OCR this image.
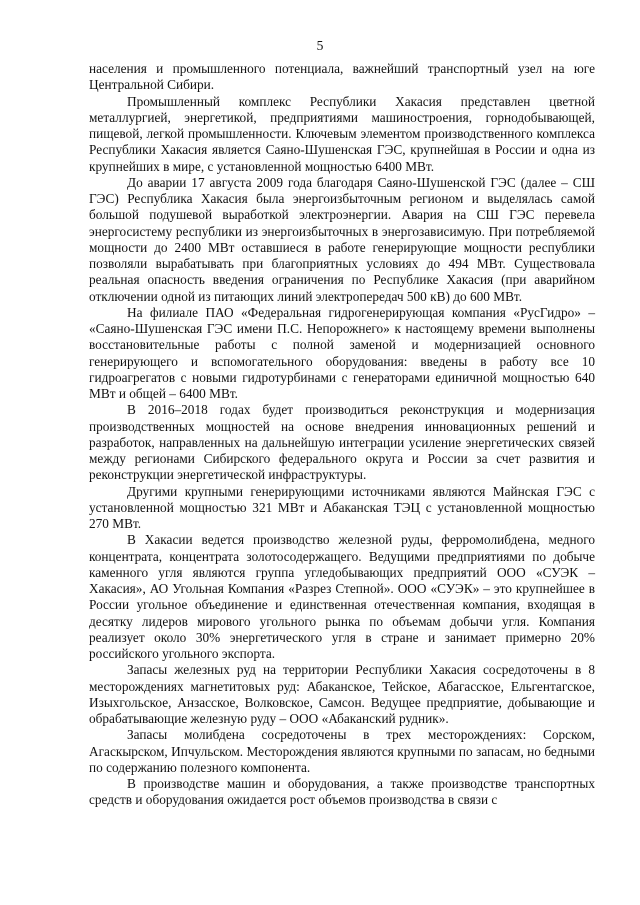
5

населения и промышленного потенциала, важнейший транспортный узел на юге Центральной Сибири.

Промышленный комплекс Республики Хакасия представлен цветной металлургией, энергетикой, предприятиями машиностроения, горнодобывающей, пищевой, легкой промышленности. Ключевым элементом производственного комплекса Республики Хакасия является Саяно-Шушенская ГЭС, крупнейшая в России и одна из крупнейших в мире, с установленной мощностью 6400 МВт.

До аварии 17 августа 2009 года благодаря Саяно-Шушенской ГЭС (далее – СШ ГЭС) Республика Хакасия была энергоизбыточным регионом и выделялась самой большой подушевой выработкой электроэнергии. Авария на СШ ГЭС перевела энергосистему республики из энергоизбыточных в энергозависимую. При потребляемой мощности до 2400 МВт оставшиеся в работе генерирующие мощности республики позволяли вырабатывать при благоприятных условиях до 494 МВт. Существовала реальная опасность введения ограничения по Республике Хакасия (при аварийном отключении одной из питающих линий электропередач 500 кВ) до 600 МВт.

На филиале ПАО «Федеральная гидрогенерирующая компания «РусГидро» – «Саяно-Шушенская ГЭС имени П.С. Непорожнего» к настоящему времени выполнены восстановительные работы с полной заменой и модернизацией основного генерирующего и вспомогательного оборудования: введены в работу все 10 гидроагрегатов с новыми гидротурбинами с генераторами единичной мощностью 640 МВт и общей – 6400 МВт.

В 2016–2018 годах будет производиться реконструкция и модернизация производственных мощностей на основе внедрения инновационных решений и разработок, направленных на дальнейшую интеграции усиление энергетических связей между регионами Сибирского федерального округа и России за счет развития и реконструкции энергетической инфраструктуры.

Другими крупными генерирующими источниками являются Майнская ГЭС с установленной мощностью 321 МВт и Абаканская ТЭЦ с установленной мощностью 270 МВт.

В Хакасии ведется производство железной руды, ферромолибдена, медного концентрата, концентрата золотосодержащего. Ведущими предприятиями по добыче каменного угля являются группа угледобывающих предприятий ООО «СУЭК – Хакасия», АО Угольная Компания «Разрез Степной». ООО «СУЭК» – это крупнейшее в России угольное объединение и единственная отечественная компания, входящая в десятку лидеров мирового угольного рынка по объемам добычи угля. Компания реализует около 30% энергетического угля в стране и занимает примерно 20% российского угольного экспорта.

Запасы железных руд на территории Республики Хакасия сосредоточены в 8 месторождениях магнетитовых руд: Абаканское, Тейское, Абагасское, Ельгентагское, Изыхгольское, Анзасское, Волковское, Самсон. Ведущее предприятие, добывающие и обрабатывающие железную руду – ООО «Абаканский рудник».

Запасы молибдена сосредоточены в трех месторождениях: Сорском, Агаскырском, Ипчульском. Месторождения являются крупными по запасам, но бедными по содержанию полезного компонента.

В производстве машин и оборудования, а также производстве транспортных средств и оборудования ожидается рост объемов производства в связи с
